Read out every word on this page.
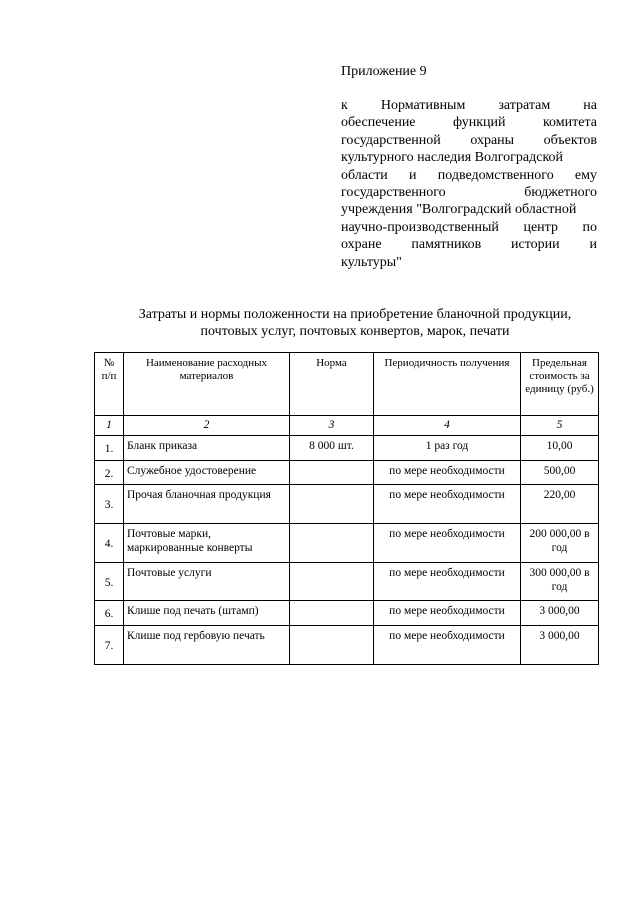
Приложение 9
к Нормативным затратам на
обеспечение	функций	комитета
государственной охраны объектов
культурного наследия Волгоградской
области и подведомственного ему
государственного	бюджетного
учреждения "Волгоградский областной
научно-производственный центр по
охране памятников истории и
культуры"
Затраты и нормы положенности на приобретение бланочной продукции,
почтовых услуг, почтовых конвертов, марок, печати
№ п/п	Наименование расходных материалов	Норма	Периодичность получения	Предельная стоимость за единицу (руб.)
1	2	3	4	5
1.	Бланк приказа	8 000 шт.	1 раз год	10,00
2.	Служебное удостоверение		по мере необходимости	500,00
3.	Прочая бланочная продукция		по мере необходимости	220,00
4.	Почтовые марки, маркированные конверты		по мере необходимости	200 000,00 в год
5.	Почтовые услуги		по мере необходимости	300 000,00 в год
6.	Клише под печать (штамп)		по мере необходимости	3 000,00
7.	Клише под гербовую печать		по мере необходимости	3 000,00
